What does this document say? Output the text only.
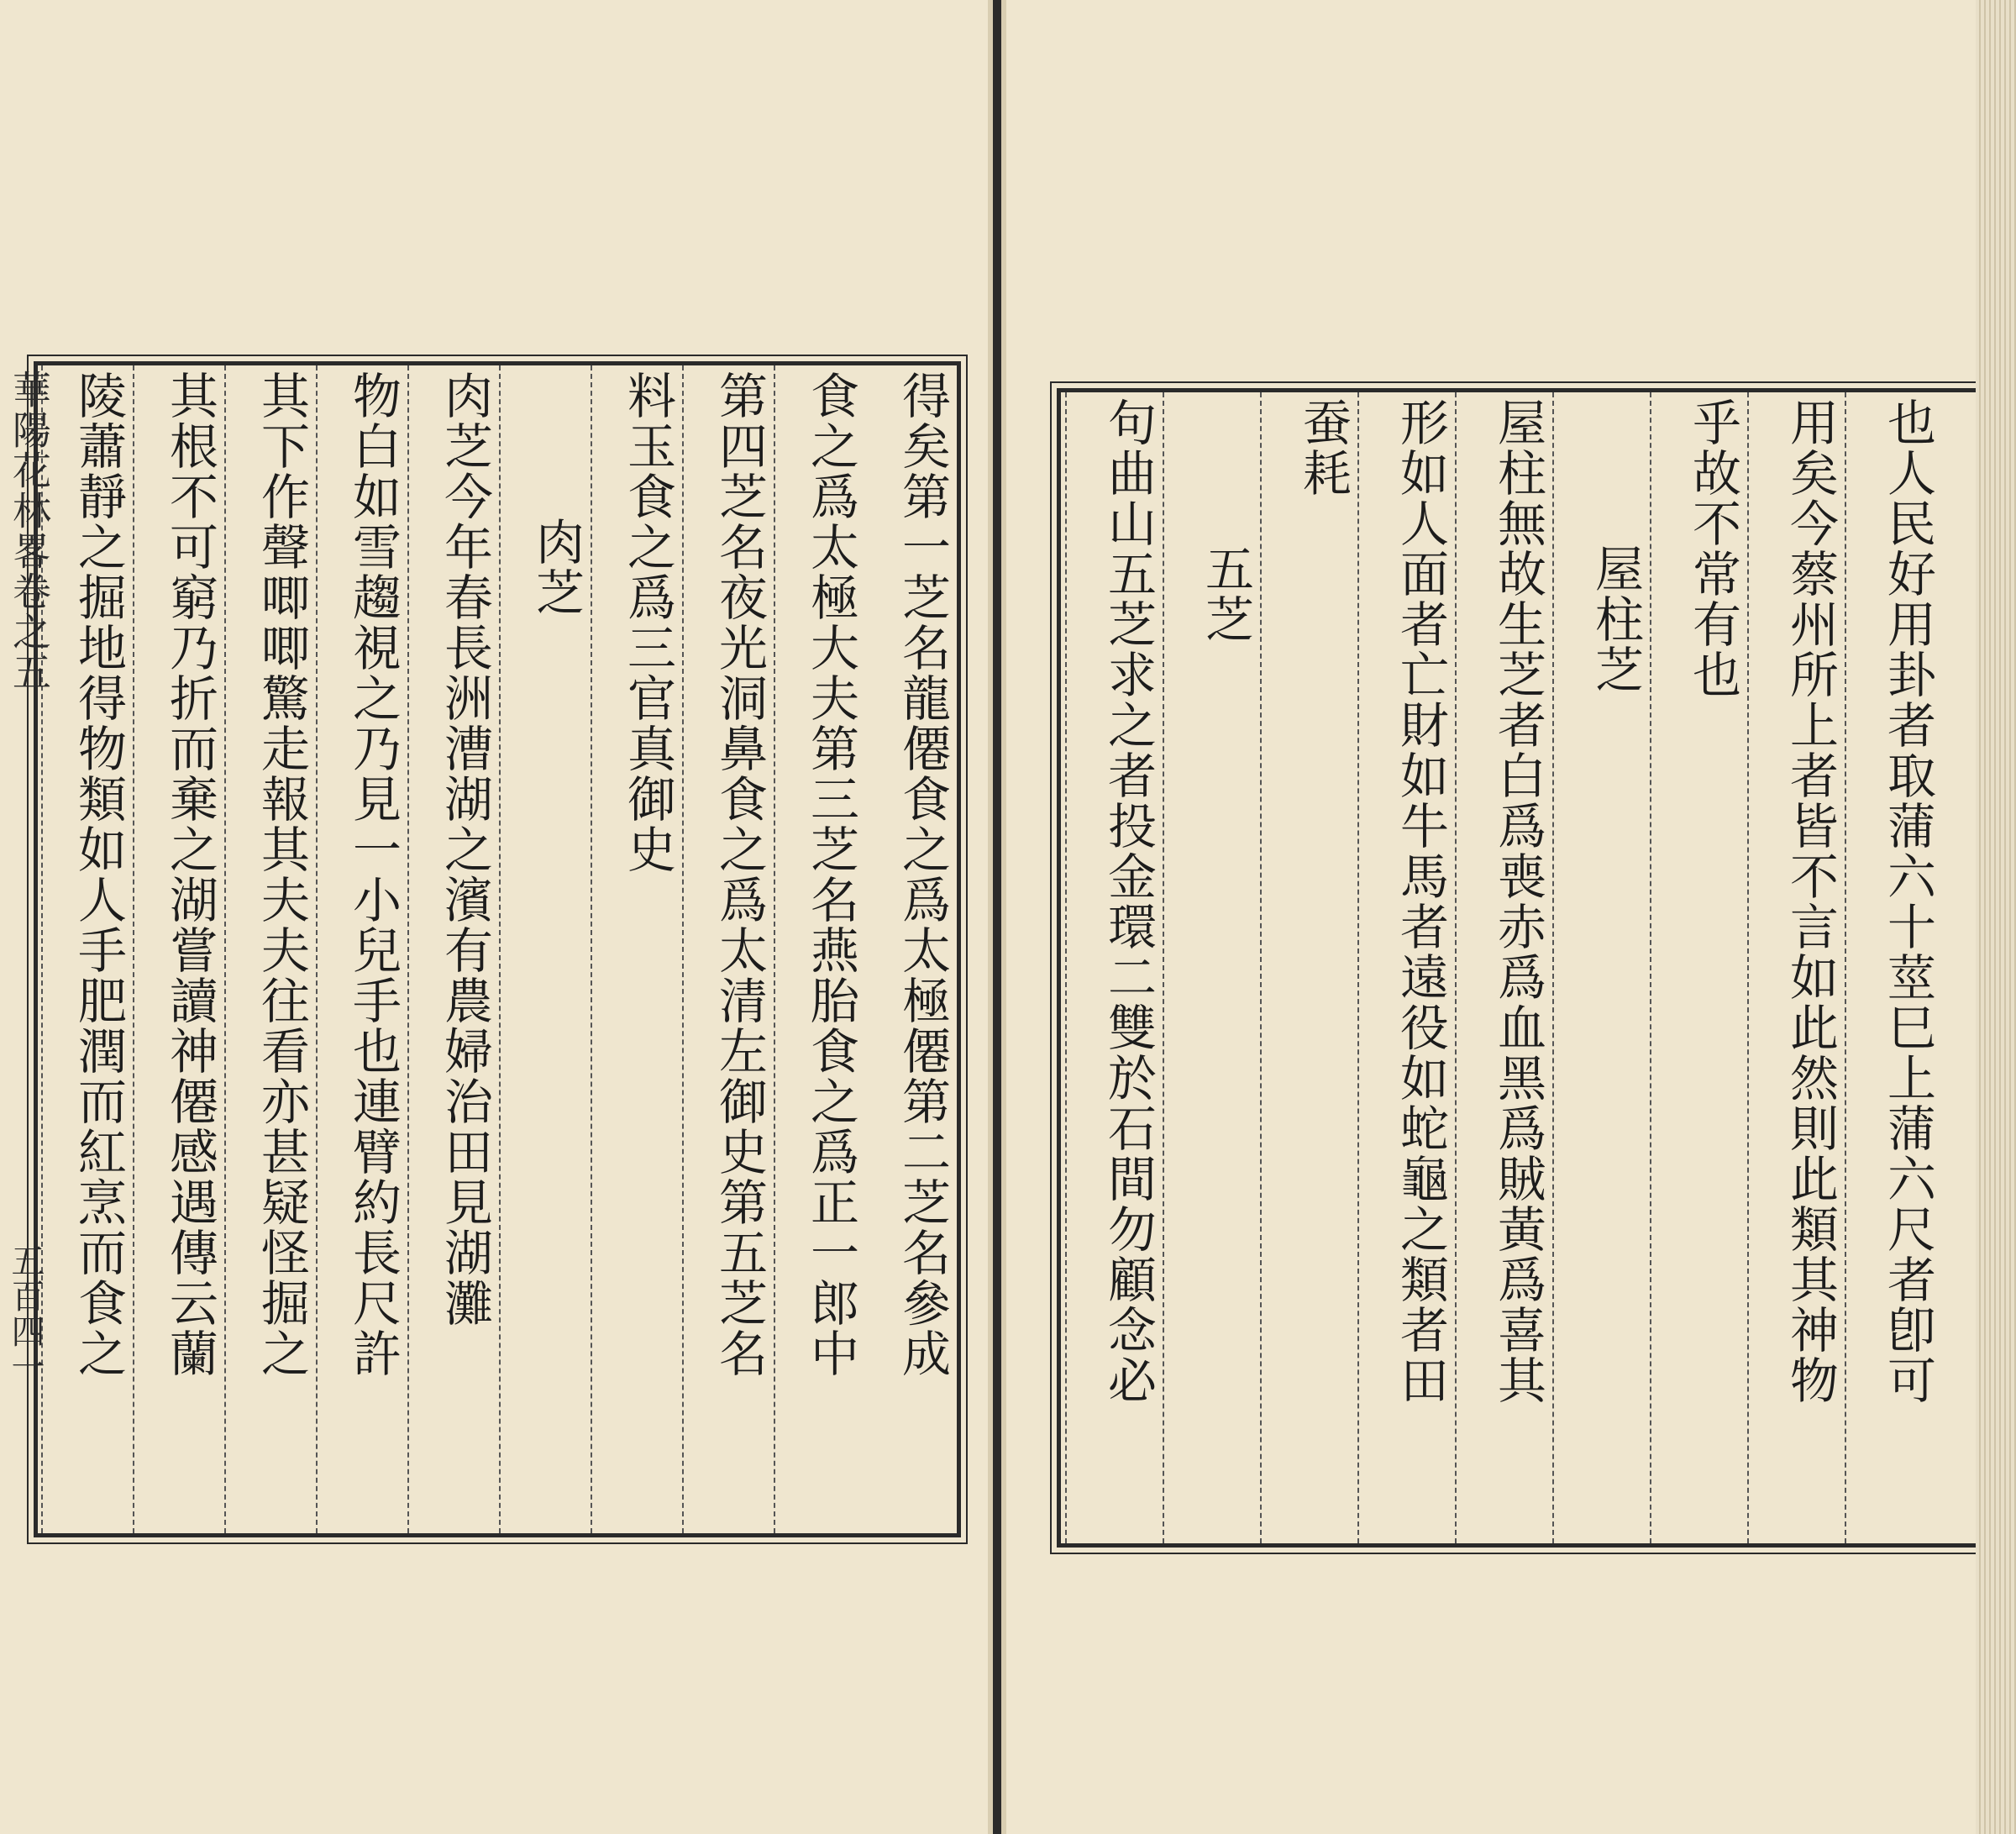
得矣第一芝名龍僊食之爲太極僊第二芝名參成
食之爲太極大夫第三芝名燕胎食之爲正一郎中
第四芝名夜光洞鼻食之爲太清左御史第五芝名
料玉食之爲三官真御史
肉芝
肉芝今年春長洲漕湖之濱有農婦治田見湖灘
物白如雪趨視之乃見一小兒手也連臂約長尺許
其下作聲唧唧驚走報其夫夫往看亦甚疑怪掘之
其根不可窮乃折而棄之湖嘗讀神僊感遇傳云蘭
陵蕭靜之掘地得物類如人手肥潤而紅烹而食之
華陽花林畧卷之五
五百四一	也人民好用卦者取蒲六十莖巳上蒲六尺者卽可
用矣今蔡州所上者皆不言如此然則此類其神物
乎故不常有也
屋柱芝
屋柱無故生芝者白爲喪赤爲血黑爲賊黃爲喜其
形如人面者亡財如牛馬者遠役如蛇龜之類者田
蚕耗
五芝
句曲山五芝求之者投金環二雙於石間勿顧念必
